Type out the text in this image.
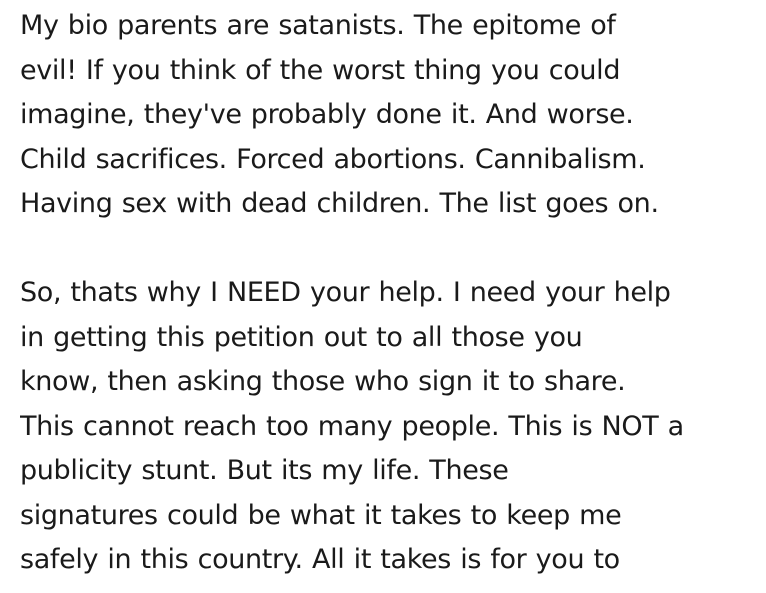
My bio parents are satanists. The epitome of
evil! If you think of the worst thing you could
imagine, they've probably done it. And worse.
Child sacrifices. Forced abortions. Cannibalism.
Having sex with dead children. The list goes on.
So, thats why I NEED your help. I need your help
in getting this petition out to all those you
know, then asking those who sign it to share.
This cannot reach too many people. This is NOT a
publicity stunt. But its my life. These
signatures could be what it takes to keep me
safely in this country. All it takes is for you to
